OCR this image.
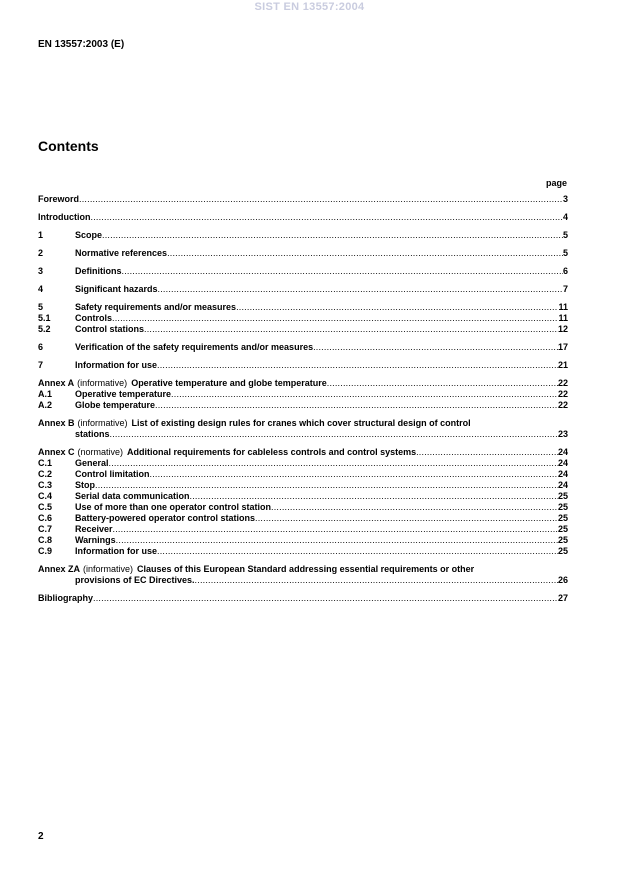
SIST EN 13557:2004
EN 13557:2003 (E)
Contents
page
Foreword .....	3
Introduction .....	4
1	Scope .....	5
2	Normative references .....	5
3	Definitions .....	6
4	Significant hazards .....	7
5	Safety requirements and/or measures .....	11
5.1	Controls .....	11
5.2	Control stations .....	12
6	Verification of the safety requirements and/or measures .....	17
7	Information for use .....	21
Annex A (informative) Operative temperature and globe temperature .....	22
A.1	Operative temperature .....	22
A.2	Globe temperature .....	22
Annex B (informative) List of existing design rules for cranes which cover structural design of control
stations .....	23
Annex C (normative) Additional requirements for cableless controls and control systems .....	24
C.1	General .....	24
C.2	Control limitation .....	24
C.3	Stop .....	24
C.4	Serial data communication .....	25
C.5	Use of more than one operator control station .....	25
C.6	Battery-powered operator control stations .....	25
C.7	Receiver .....	25
C.8	Warnings .....	25
C.9	Information for use .....	25
Annex ZA (informative) Clauses of this European Standard addressing essential requirements or other
provisions of EC Directives. .....	26
Bibliography .....	27
2
